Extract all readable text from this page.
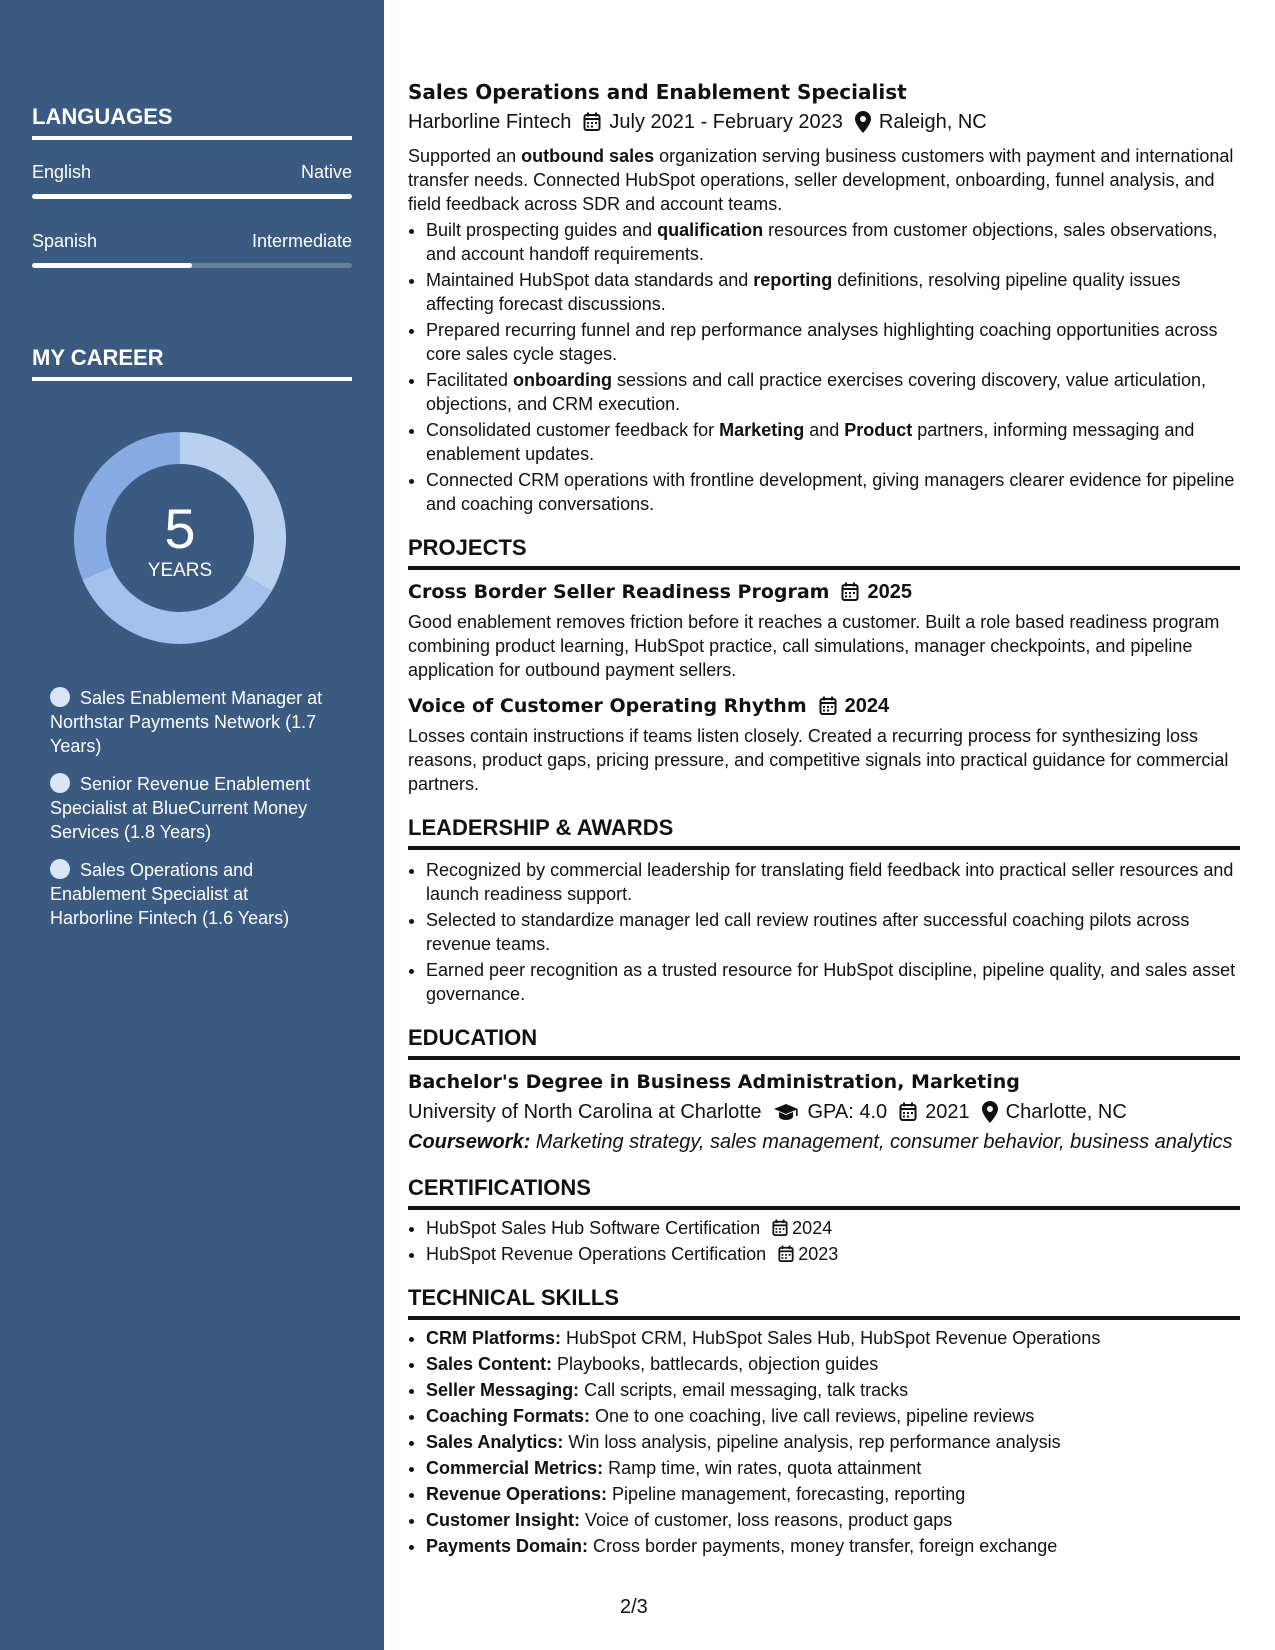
LANGUAGES
English	Native
Spanish	Intermediate
MY CAREER
5
YEARS
Sales Enablement Manager at Northstar Payments Network (1.7 Years)
Senior Revenue Enablement Specialist at BlueCurrent Money Services (1.8 Years)
Sales Operations and Enablement Specialist at Harborline Fintech (1.6 Years)
Sales Operations and Enablement Specialist
Harborline Fintech July 2021 - February 2023 Raleigh, NC
Supported an outbound sales organization serving business customers with payment and international transfer needs. Connected HubSpot operations, seller development, onboarding, funnel analysis, and field feedback across SDR and account teams.
• Built prospecting guides and qualification resources from customer objections, sales observations, and account handoff requirements.
• Maintained HubSpot data standards and reporting definitions, resolving pipeline quality issues affecting forecast discussions.
• Prepared recurring funnel and rep performance analyses highlighting coaching opportunities across core sales cycle stages.
• Facilitated onboarding sessions and call practice exercises covering discovery, value articulation, objections, and CRM execution.
• Consolidated customer feedback for Marketing and Product partners, informing messaging and enablement updates.
• Connected CRM operations with frontline development, giving managers clearer evidence for pipeline and coaching conversations.
PROJECTS
Cross Border Seller Readiness Program 2025
Good enablement removes friction before it reaches a customer. Built a role based readiness program combining product learning, HubSpot practice, call simulations, manager checkpoints, and pipeline application for outbound payment sellers.
Voice of Customer Operating Rhythm 2024
Losses contain instructions if teams listen closely. Created a recurring process for synthesizing loss reasons, product gaps, pricing pressure, and competitive signals into practical guidance for commercial partners.
LEADERSHIP & AWARDS
• Recognized by commercial leadership for translating field feedback into practical seller resources and launch readiness support.
• Selected to standardize manager led call review routines after successful coaching pilots across revenue teams.
• Earned peer recognition as a trusted resource for HubSpot discipline, pipeline quality, and sales asset governance.
EDUCATION
Bachelor's Degree in Business Administration, Marketing
University of North Carolina at Charlotte GPA: 4.0 2021 Charlotte, NC
Coursework: Marketing strategy, sales management, consumer behavior, business analytics
CERTIFICATIONS
• HubSpot Sales Hub Software Certification 2024
• HubSpot Revenue Operations Certification 2023
TECHNICAL SKILLS
• CRM Platforms: HubSpot CRM, HubSpot Sales Hub, HubSpot Revenue Operations
• Sales Content: Playbooks, battlecards, objection guides
• Seller Messaging: Call scripts, email messaging, talk tracks
• Coaching Formats: One to one coaching, live call reviews, pipeline reviews
• Sales Analytics: Win loss analysis, pipeline analysis, rep performance analysis
• Commercial Metrics: Ramp time, win rates, quota attainment
• Revenue Operations: Pipeline management, forecasting, reporting
• Customer Insight: Voice of customer, loss reasons, product gaps
• Payments Domain: Cross border payments, money transfer, foreign exchange
2/3
